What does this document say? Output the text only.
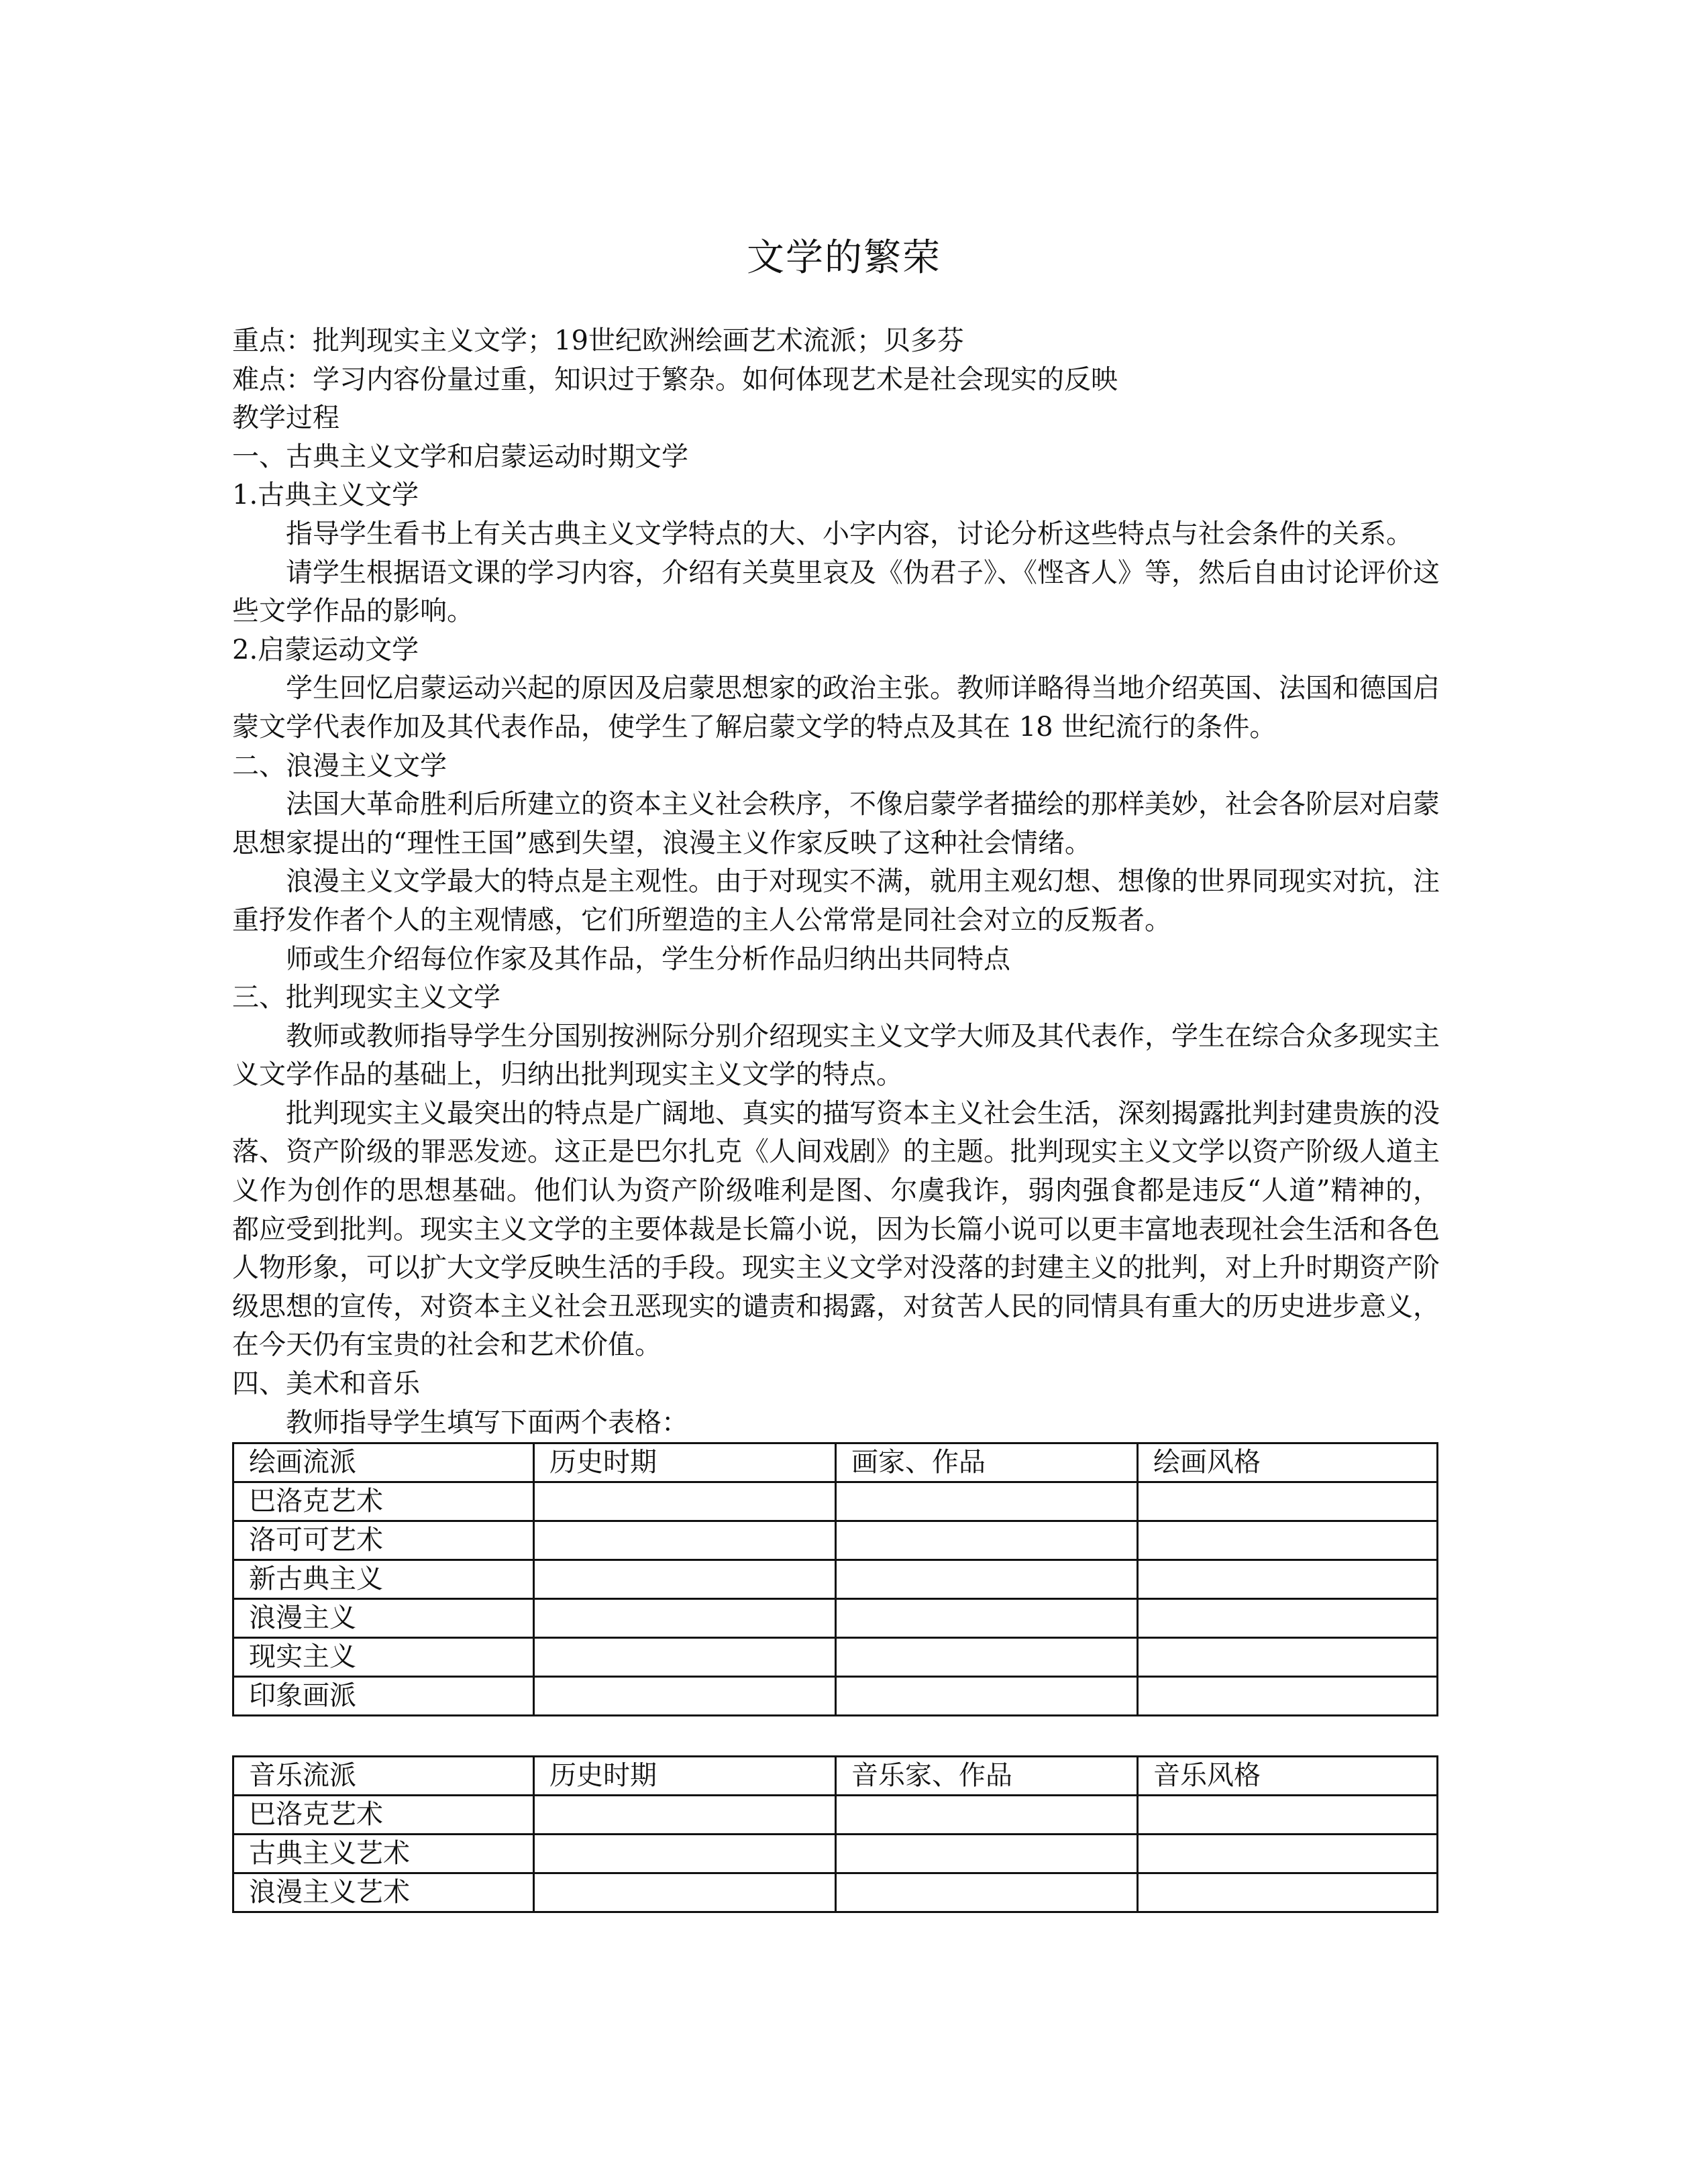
文学的繁荣

重点：批判现实主义文学；19世纪欧洲绘画艺术流派；贝多芬

难点：学习内容份量过重，知识过于繁杂。如何体现艺术是社会现实的反映

教学过程

一、古典主义文学和启蒙运动时期文学

1.古典主义文学

指导学生看书上有关古典主义文学特点的大、小字内容，讨论分析这些特点与社会条件的关系。

请学生根据语文课的学习内容，介绍有关莫里哀及《伪君子》、《悭吝人》等，然后自由讨论评价这些文学作品的影响。

2.启蒙运动文学

学生回忆启蒙运动兴起的原因及启蒙思想家的政治主张。教师详略得当地介绍英国、法国和德国启蒙文学代表作加及其代表作品，使学生了解启蒙文学的特点及其在 18 世纪流行的条件。

二、浪漫主义文学

法国大革命胜利后所建立的资本主义社会秩序，不像启蒙学者描绘的那样美妙，社会各阶层对启蒙思想家提出的“理性王国”感到失望，浪漫主义作家反映了这种社会情绪。

浪漫主义文学最大的特点是主观性。由于对现实不满，就用主观幻想、想像的世界同现实对抗，注重抒发作者个人的主观情感，它们所塑造的主人公常常是同社会对立的反叛者。

师或生介绍每位作家及其作品，学生分析作品归纳出共同特点

三、批判现实主义文学

教师或教师指导学生分国别按洲际分别介绍现实主义文学大师及其代表作，学生在综合众多现实主义文学作品的基础上，归纳出批判现实主义文学的特点。

批判现实主义最突出的特点是广阔地、真实的描写资本主义社会生活，深刻揭露批判封建贵族的没落、资产阶级的罪恶发迹。这正是巴尔扎克《人间戏剧》的主题。批判现实主义文学以资产阶级人道主义作为创作的思想基础。他们认为资产阶级唯利是图、尔虞我诈，弱肉强食都是违反“人道”精神的，都应受到批判。现实主义文学的主要体裁是长篇小说，因为长篇小说可以更丰富地表现社会生活和各色人物形象，可以扩大文学反映生活的手段。现实主义文学对没落的封建主义的批判，对上升时期资产阶级思想的宣传，对资本主义社会丑恶现实的谴责和揭露，对贫苦人民的同情具有重大的历史进步意义，在今天仍有宝贵的社会和艺术价值。

四、美术和音乐

教师指导学生填写下面两个表格：

绘画流派	历史时期	画家、作品	绘画风格
巴洛克艺术			
洛可可艺术			
新古典主义			
浪漫主义			
现实主义			
印象画派			
音乐流派	历史时期	音乐家、作品	音乐风格
巴洛克艺术			
古典主义艺术			
浪漫主义艺术			
